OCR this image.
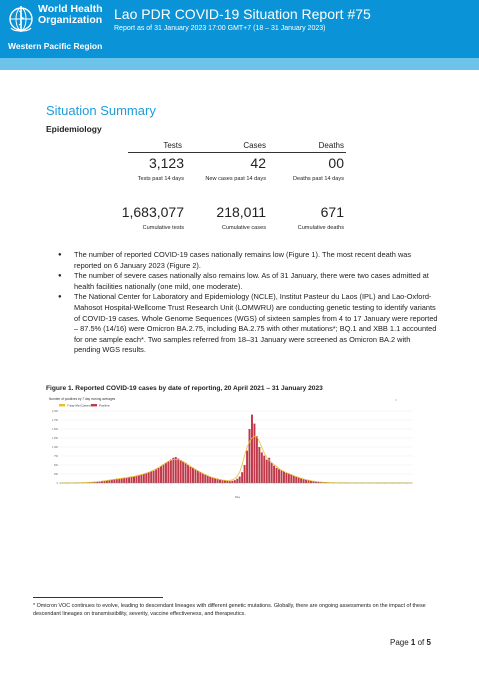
World Health
Organization
Western Pacific Region
Lao PDR COVID-19 Situation Report #75
Report as of 31 January 2023 17:00 GMT+7 (18 – 31 January 2023)
Situation Summary
Epidemiology
Tests	Cases	Deaths
3,123	42	00
Tests past 14 days	New cases past 14 days	Deaths past 14 days
1,683,077	218,011	671
Cumulative tests	Cumulative cases	Cumulative deaths
● The number of reported COVID-19 cases nationally remains low (Figure 1). The most recent death was reported on 6 January 2023 (Figure 2).
● The number of severe cases nationally also remains low. As of 31 January, there were two cases admitted at health facilities nationally (one mild, one moderate).
● The National Center for Laboratory and Epidemiology (NCLE), Institut Pasteur du Laos (IPL) and Lao-Oxford-Mahosot Hospital-Wellcome Trust Research Unit (LOMWRU) are conducting genetic testing to identify variants of COVID-19 cases. Whole Genome Sequences (WGS) of sixteen samples from 4 to 17 January were reported – 87.5% (14/16) were Omicron BA.2.75, including BA.2.75 with other mutations*; BQ.1 and XBB 1.1 accounted for one sample each*. Two samples referred from 18–31 January were screened as Omicron BA.2 with pending WGS results.
Figure 1. Reported COVID-19 cases by date of reporting, 20 April 2021 – 31 January 2023
Number of positives by 7 day moving averages	≡
7-day Ma (Cases)	Positive
0
250
500
750
1,000
1,250
1,500
1,750
2,000
Day
* Omicron VOC continues to evolve, leading to descendant lineages with different genetic mutations. Globally, there are ongoing assessments on the impact of these descendant lineages on transmissibility, severity, vaccine effectiveness, and therapeutics.
Page 1 of 5
